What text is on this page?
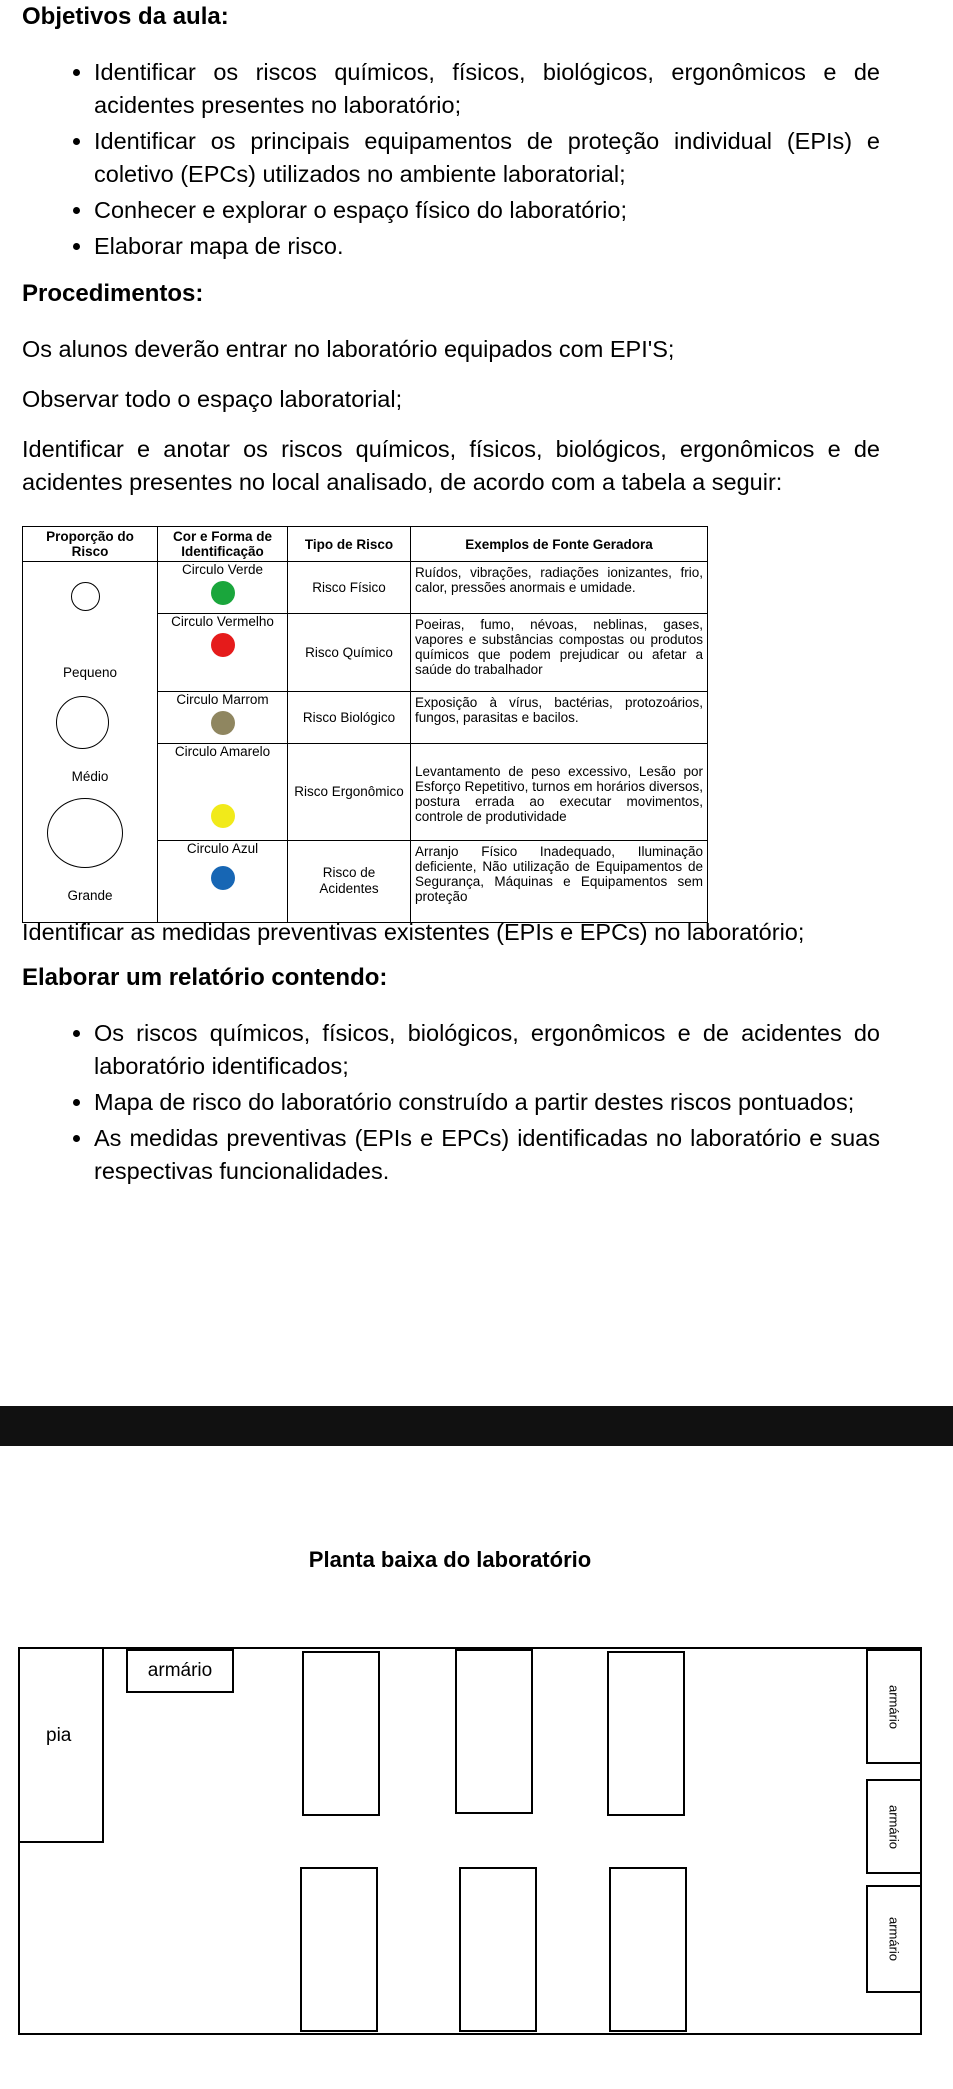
Objetivos da aula:
• Identificar os riscos químicos, físicos, biológicos, ergonômicos e de acidentes presentes no laboratório;
• Identificar os principais equipamentos de proteção individual (EPIs) e coletivo (EPCs) utilizados no ambiente laboratorial;
• Conhecer e explorar o espaço físico do laboratório;
• Elaborar mapa de risco.
Procedimentos:

Os alunos deverão entrar no laboratório equipados com EPI'S;

Observar todo o espaço laboratorial;

Identificar e anotar os riscos químicos, físicos, biológicos, ergonômicos e de acidentes presentes no local analisado, de acordo com a tabela a seguir:

Proporção do Risco	Cor e Forma de Identificação	Tipo de Risco	Exemplos de Fonte Geradora

Pequeno
Médio
Grande	Circulo Verde	Risco Físico	Ruídos, vibrações, radiações ionizantes, frio, calor, pressões anormais e umidade.

	Circulo Vermelho	Risco Químico	Poeiras, fumo, névoas, neblinas, gases, vapores e substâncias compostas ou produtos químicos que podem prejudicar ou afetar a saúde do trabalhador

	Circulo Marrom	Risco Biológico	Exposição à vírus, bactérias, protozoários, fungos, parasitas e bacilos.

	Circulo Amarelo	Risco Ergonômico	Levantamento de peso excessivo, Lesão por Esforço Repetitivo, turnos em horários diversos, postura errada ao executar movimentos, controle de produtividade

	Circulo Azul	Risco de Acidentes	Arranjo Físico Inadequado, Iluminação deficiente, Não utilização de Equipamentos de Segurança, Máquinas e Equipamentos sem proteção

Identificar as medidas preventivas existentes (EPIs e EPCs) no laboratório;

Elaborar um relatório contendo:
• Os riscos químicos, físicos, biológicos, ergonômicos e de acidentes do laboratório identificados;
• Mapa de risco do laboratório construído a partir destes riscos pontuados;
• As medidas preventivas (EPIs e EPCs) identificadas no laboratório e suas respectivas funcionalidades.
Planta baixa do laboratório
pia
armário
armário
armário
armário
